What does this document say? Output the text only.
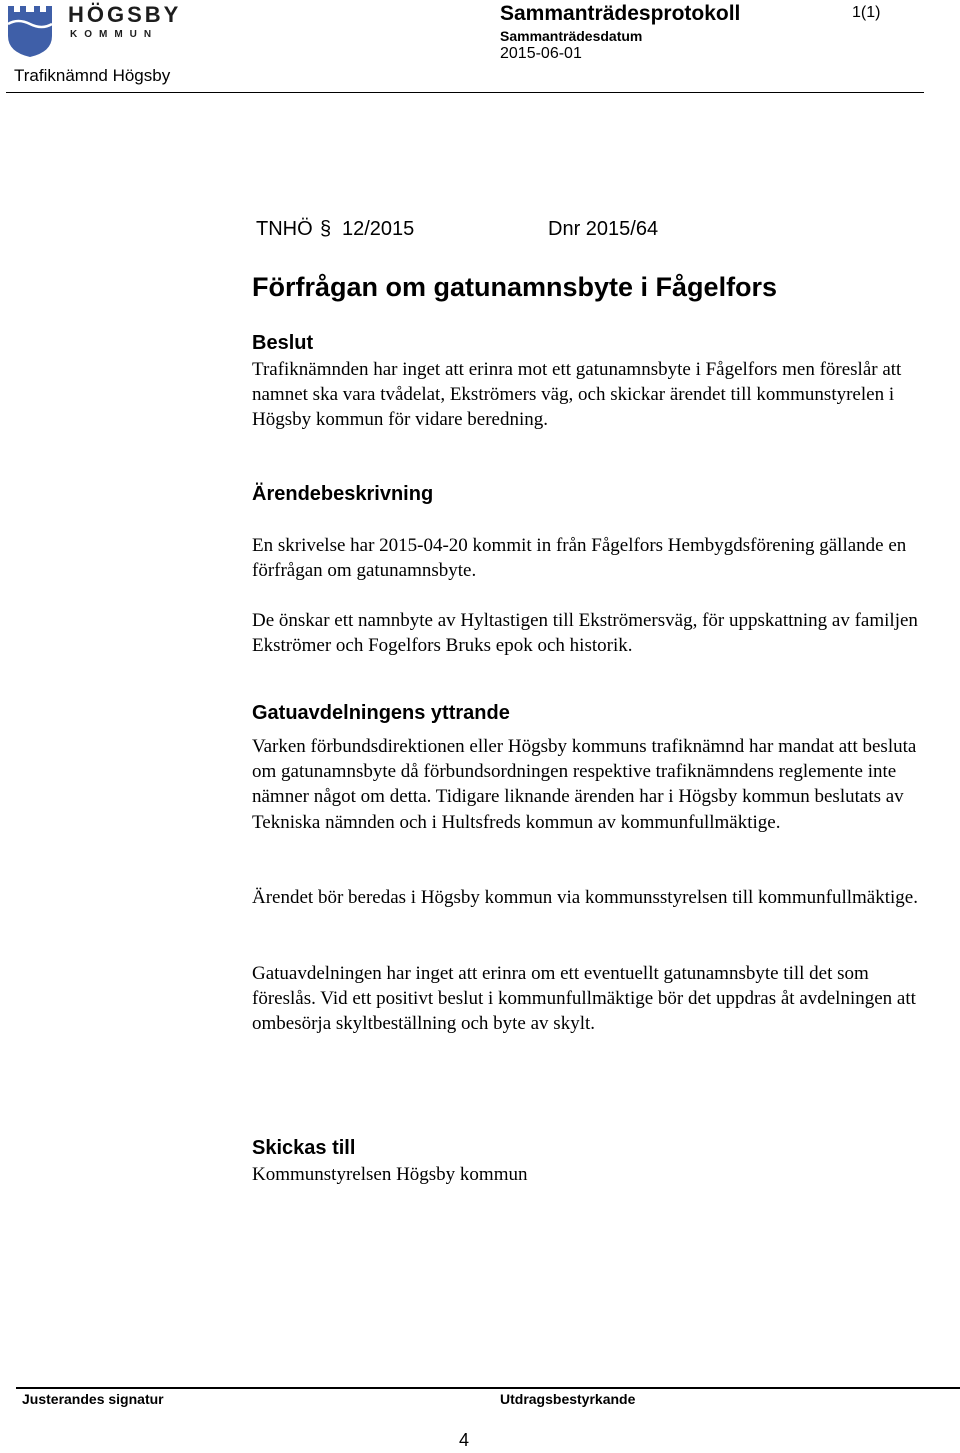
HÖGSBY
KOMMUN
Trafiknämnd Högsby
Sammanträdesprotokoll
Sammanträdesdatum
2015-06-01
1(1)
TNHÖ § 12/2015	Dnr 2015/64
Förfrågan om gatunamnsbyte i Fågelfors
Beslut
Trafiknämnden har inget att erinra mot ett gatunamnsbyte i Fågelfors men föreslår att namnet ska vara tvådelat, Ekströmers väg, och skickar ärendet till kommunstyrelen i Högsby kommun för vidare beredning.
Ärendebeskrivning
En skrivelse har 2015-04-20 kommit in från Fågelfors Hembygdsförening gällande en förfrågan om gatunamnsbyte.
De önskar ett namnbyte av Hyltastigen till Ekströmersväg, för uppskattning av familjen Ekströmer och Fogelfors Bruks epok och historik.
Gatuavdelningens yttrande
Varken förbundsdirektionen eller Högsby kommuns trafiknämnd har mandat att besluta om gatunamnsbyte då förbundsordningen respektive trafiknämndens reglemente inte nämner något om detta. Tidigare liknande ärenden har i Högsby kommun beslutats av Tekniska nämnden och i Hultsfreds kommun av kommunfullmäktige.
Ärendet bör beredas i Högsby kommun via kommunsstyrelsen till kommunfullmäktige.
Gatuavdelningen har inget att erinra om ett eventuellt gatunamnsbyte till det som föreslås. Vid ett positivt beslut i kommunfullmäktige bör det uppdras åt avdelningen att ombesörja skyltbeställning och byte av skylt.
Skickas till
Kommunstyrelsen Högsby kommun
Justerandes signatur	Utdragsbestyrkande
4
